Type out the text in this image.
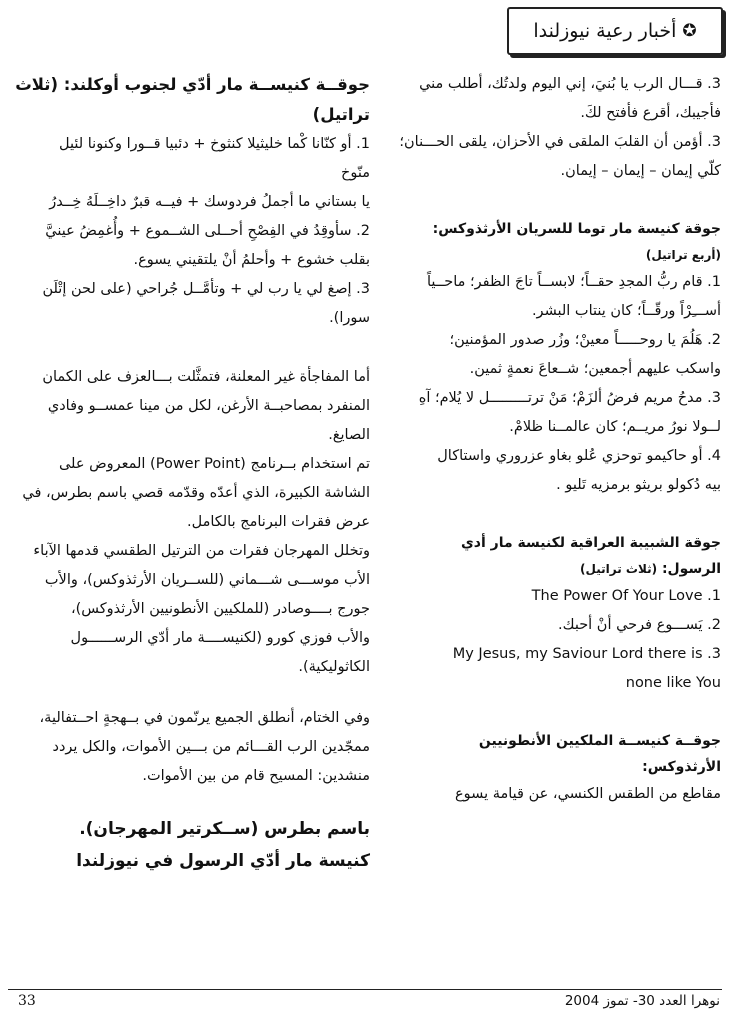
✪
أخبار رعية نيوزلندا

3. قـــال الرب يا بُنيَ، إني اليوم ولدتُك، أطلب مني

فأجيبك، أقرع فأفتح لكَ.

3. أؤمن أن القلبَ الملقى في الأحزان، يلقى الحـــنان؛

كلّي إيمان – إيمان – إيمان.

جوقة كنيسة مار توما للسريان الأرثذوكس:

(أربع تراتيل)

1. قام ربُّ المجدِ حقــاً؛ لابســاً تاجَ الظفر؛ ماحــياً

أســـِرْاً ورقّــاً؛ كان ينتاب البشر.

2. هَلُمَ يا روحـــــاً معينْ؛ وزُر صدور المؤمنين؛

واسكب عليهم أجمعين؛ شــعاعَ نعمةٍ ثمين.

3. مدحُ مريم فرضُ ألزَمْ؛ مَنْ ترتـــــــــل لا يُلام؛ آهِ

لــولا نورُ مريــم؛ كان عالمــنا ظلامْ.

4. أو حاكيمو توحزي عُلو بغاو عزروري واستاكال

بيه دُكولو بريثو برمزيه تَليو .

جوقة الشبيبة العراقية لكنيسة مار أدي

الرسول: (ثلاث تراتيل)

The Power Of Your Love .1

2. يَســـوع فرحي أنْ أحبك.

My Jesus, my Saviour Lord there is .3

none like You

جوقــة كنيســة الملكيين الأنطونيين

الأرثذوكس:

مقاطع من الطقس الكنسي، عن قيامة يسوع

جوقــة كنيســة مار أدّي لجنوب أوكلند: (ثلاث

تراتيل)

1. أو كنّانا كْما خليثيلا كنثوخ + دئبيا قــورا وكنونا لئيل

منّوخ

يا بستاني ما أجملُ فردوسك + فيــه قبرٌ داخِــلَهُ خِــدرُ

2. سأوقِدُ في الفِصْحِ أحــلى الشــموع + وأُغمِضُ عينيَّ

بقلب خشوع + وأحلمُ أنْ يلتقيني يسوع.

3. إصغ لي يا رب لي + وتأمَّــل جُراحي (على لحن إتْلَن

سورا).

أما المفاجأة غير المعلنة، فتمثَّلت بـــالعزف على الكمان

المنفرد بمصاحبــة الأرغن، لكل من مينا عمســو وفادي

الصايغ.

تم استخدام بــرنامج (Power Point) المعروض على

الشاشة الكبيرة، الذي أعدّه وقدّمه قصي باسم بطرس، في

عرض فقرات البرنامج بالكامل.

وتخلل المهرجان فقرات من الترتيل الطقسي قدمها الآباء

الأب موســـى شـــماني (للســريان الأرثذوكس)، والأب

جورج بــــوصادر (للملكيين الأنطونيين الأرثذوكس)،

والأب فوزي كورو (لكنيســــة مار أدّي الرســــــول

الكاثوليكية).

وفي الختام، أنطلق الجميع يرنّمون في بــهجةٍ احــتفالية،

ممجّدين الرب القـــائم من بـــين الأموات، والكل يردد

منشدين: المسيح قام من بين الأموات.

باسم بطرس (ســكرتير المهرجان).

كنيسة مار أدّي الرسول في نيوزلندا

33	نوهرا العدد 30- تموز 2004
